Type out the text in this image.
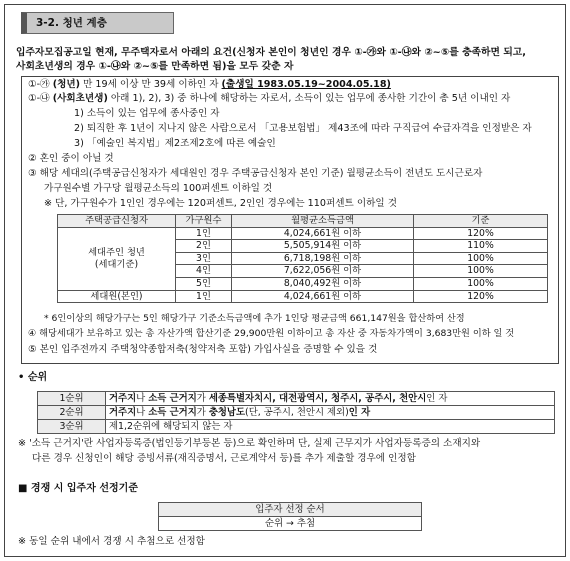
3-2. 청년 계층
입주자모집공고일 현재, 무주택자로서 아래의 요건(신청자 본인이 청년인 경우 ①-㉮와 ①-㉯와 ②~⑤를 충족하면 되고,
사회초년생의 경우 ①-㉯와 ②~⑤를 만족하면 됨)을 모두 갖춘 자
①-㉮ (청년) 만 19세 이상 만 39세 이하인 자 (출생일 1983.05.19~2004.05.18)
①-㉯ (사회초년생) 아래 1), 2), 3) 중 하나에 해당하는 자로서, 소득이 있는 업무에 종사한 기간이 총 5년 이내인 자
1) 소득이 있는 업무에 종사중인 자
2) 퇴직한 후 1년이 지나지 않은 사람으로서 「고용보험법」 제43조에 따라 구직급여 수급자격을 인정받은 자
3) 「예술인 복지법」제2조제2호에 따른 예술인
② 혼인 중이 아닐 것
③ 해당 세대의(주택공급신청자가 세대원인 경우 주택공급신청자 본인 기준) 월평균소득이 전년도 도시근로자
가구원수별 가구당 월평균소득의 100퍼센트 이하일 것
※ 단, 가구원수가 1인인 경우에는 120퍼센트, 2인인 경우에는 110퍼센트 이하일 것
주택공급신청자	가구원수	월평균소득금액	기준

세대주인 청년
(세대기준)	1인	4,024,661원 이하	120%
	2인	5,505,914원 이하	110%
	3인	6,718,198원 이하	100%
	4인	7,622,056원 이하	100%
	5인	8,040,492원 이하	100%
세대원(본인)	1인	4,024,661원 이하	120%
* 6인이상의 해당가구는 5인 해당가구 기준소득금액에 추가 1인당 평균금액 661,147원을 합산하여 산정
④ 해당세대가 보유하고 있는 총 자산가액 합산기준 29,900만원 이하이고 총 자산 중 자동차가액이 3,683만원 이하 일 것
⑤ 본인 입주전까지 주택청약종합저축(청약저축 포함) 가입사실을 증명할 수 있을 것
• 순위
1순위	거주지나 소득 근거지가 세종특별자치시, 대전광역시, 청주시, 공주시, 천안시인 자
2순위	거주지나 소득 근거지가 충청남도(단, 공주시, 천안시 제외)인 자
3순위	제1,2순위에 해당되지 않는 자
※ '소득 근거지'란 사업자등록증(법인등기부등본 등)으로 확인하며 단, 실제 근무지가 사업자등록증의 소재지와
다른 경우 신청인이 해당 증빙서류(재직증명서, 근로계약서 등)를 추가 제출할 경우에 인정함
■ 경쟁 시 입주자 선정기준
입주자 선정 순서
순위 → 추첨
※ 동일 순위 내에서 경쟁 시 추첨으로 선정함
